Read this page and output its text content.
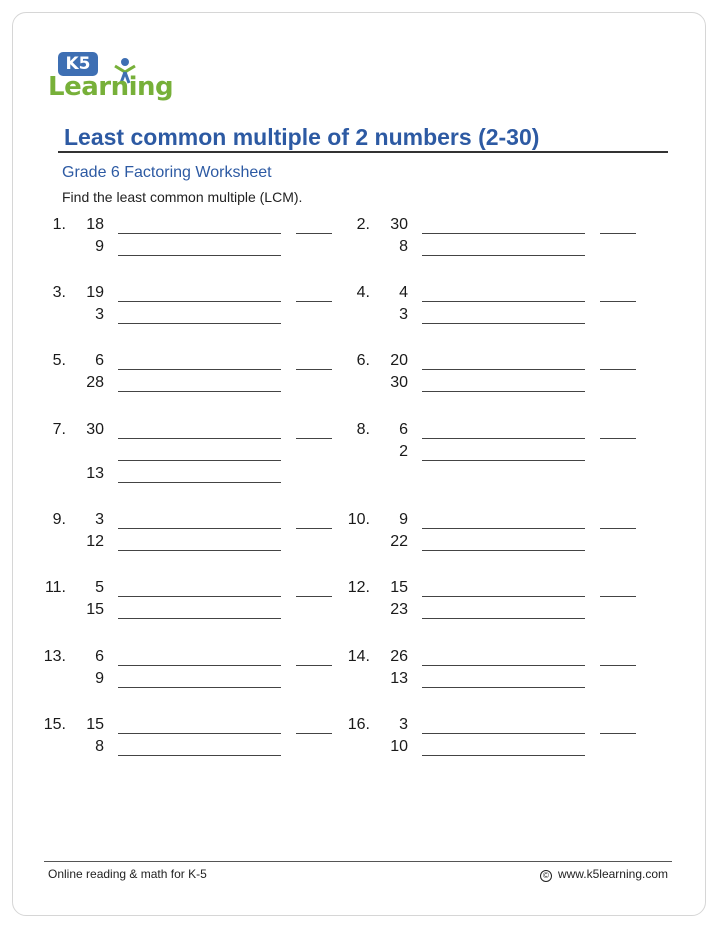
K5
Learning
Least common multiple of 2 numbers (2-30)
Grade 6 Factoring Worksheet
Find the least common multiple (LCM).
1.	18
9
2.	30
8
3.	19
3
4.	4
3
5.	6
28
6.	20
30
7.	30
13
8.	6
2
9.	3
12
10.	9
22
11.	5
15
12.	15
23
13.	6
9
14.	26
13
15.	15
8
16.	3
10
Online reading & math for K-5	© www.k5learning.com
